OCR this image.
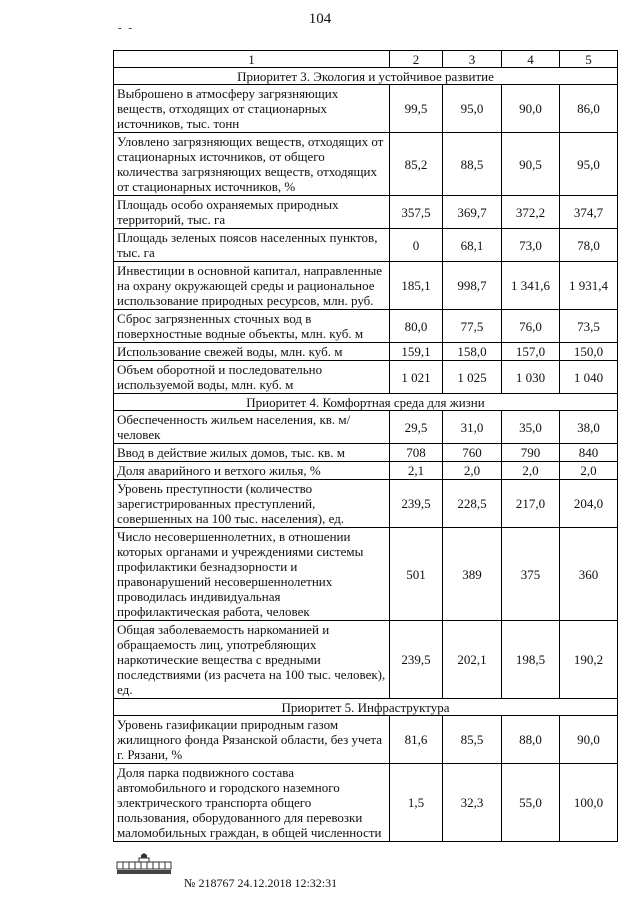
104
- -
1	2	3	4	5
Приоритет 3. Экология и устойчивое развитие				
Выброшено в атмосферу загрязняющих веществ, отходящих от стационарных источников, тыс. тонн	99,5	95,0	90,0	86,0
Уловлено загрязняющих веществ, отходящих от стационарных источников, от общего количества загрязняющих веществ, отходящих от стационарных источников, %	85,2	88,5	90,5	95,0
Площадь особо охраняемых природных территорий, тыс. га	357,5	369,7	372,2	374,7
Площадь зеленых поясов населенных пунктов, тыс. га	0	68,1	73,0	78,0
Инвестиции в основной капитал, направленные на охрану окружающей среды и рациональное использование природных ресурсов, млн. руб.	185,1	998,7	1 341,6	1 931,4
Сброс загрязненных сточных вод в поверхностные водные объекты, млн. куб. м	80,0	77,5	76,0	73,5
Использование свежей воды, млн. куб. м	159,1	158,0	157,0	150,0
Объем оборотной и последовательно используемой воды, млн. куб. м	1 021	1 025	1 030	1 040
Приоритет 4. Комфортная среда для жизни				
Обеспеченность жильем населения, кв. м/ человек	29,5	31,0	35,0	38,0
Ввод в действие жилых домов, тыс. кв. м	708	760	790	840
Доля аварийного и ветхого жилья, %	2,1	2,0	2,0	2,0
Уровень преступности (количество зарегистрированных преступлений, совершенных на 100 тыс. населения), ед.	239,5	228,5	217,0	204,0
Число несовершеннолетних, в отношении которых органами и учреждениями системы профилактики безнадзорности и правонарушений несовершеннолетних проводилась индивидуальная профилактическая работа, человек	501	389	375	360
Общая заболеваемость наркоманией и обращаемость лиц, употребляющих наркотические вещества с вредными последствиями (из расчета на 100 тыс. человек), ед.	239,5	202,1	198,5	190,2
Приоритет 5. Инфраструктура				
Уровень газификации природным газом жилищного фонда Рязанской области, без учета г. Рязани, %	81,6	85,5	88,0	90,0
Доля парка подвижного состава автомобильного и городского наземного электрического транспорта общего пользования, оборудованного для перевозки маломобильных граждан, в общей численности	1,5	32,3	55,0	100,0
№ 218767 24.12.2018 12:32:31
